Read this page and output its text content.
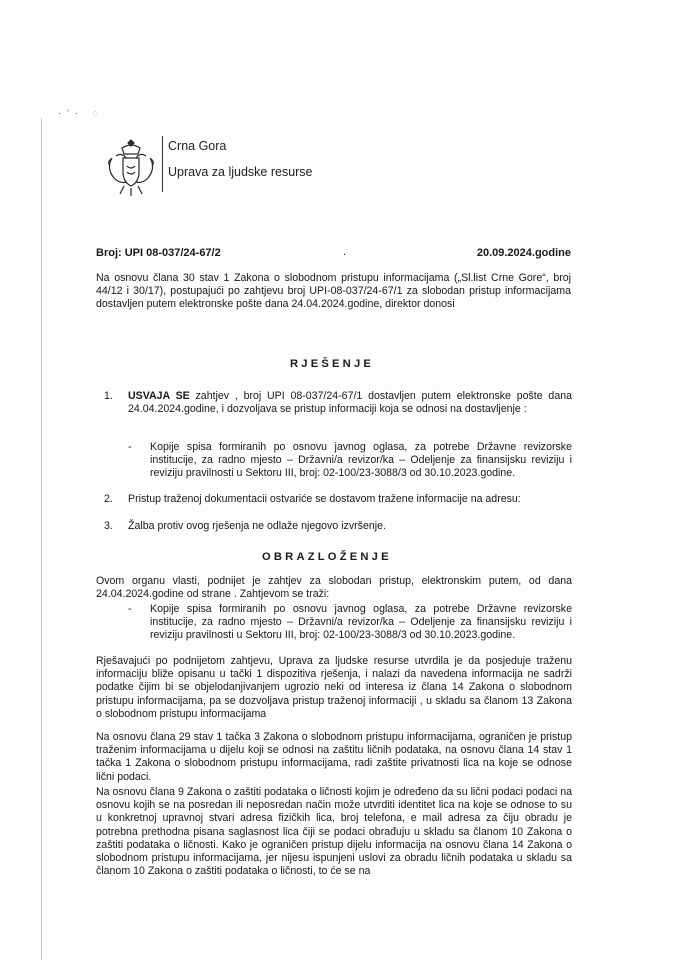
·’· ◌
Crna Gora
Uprava za ljudske resurse
Broj: UPI 08-037/24-67/2	.	20.09.2024.godine
Na osnovu člana 30 stav 1 Zakona o slobodnom pristupu informacijama („Sl.list Crne Gore“, broj 44/12 i 30/17), postupajući po zahtjevu broj UPI-08-037/24-67/1 za slobodan pristup informacijama dostavljen putem elektronske pošte dana 24.04.2024.godine, direktor donosi
RJEŠENJE
1. USVAJA SE zahtjev , broj UPI 08-037/24-67/1 dostavljen putem elektronske pošte dana 24.04.2024.godine, i dozvoljava se pristup informaciji koja se odnosi na dostavljenje :
- Kopije spisa formiranih po osnovu javnog oglasa, za potrebe Državne revizorske institucije, za radno mjesto – Državni/a revizor/ka – Odeljenje za finansijsku reviziju i reviziju pravilnosti u Sektoru III, broj: 02-100/23-3088/3 od 30.10.2023.godine.
2. Pristup traženoj dokumentacii ostvariće se dostavom tražene informacije na adresu:
3. Žalba protiv ovog rješenja ne odlaže njegovo izvršenje.
OBRAZLOŽENJE
Ovom organu vlasti, podnijet je zahtjev za slobodan pristup, elektronskim putem, od dana 24.04.2024.godine od strane . Zahtjevom se traži:
- Kopije spisa formiranih po osnovu javnog oglasa, za potrebe Državne revizorske institucije, za radno mjesto – Državni/a revizor/ka – Odeljenje za finansijsku reviziju i reviziju pravilnosti u Sektoru III, broj: 02-100/23-3088/3 od 30.10.2023.godine.
Rješavajući po podnijetom zahtjevu, Uprava za ljudske resurse utvrdila je da posjeduje traženu informaciju bliže opisanu u tački 1 dispozitiva rješenja, i nalazi da navedena informacija ne sadrži podatke čijim bi se objelodanjivanjem ugrozio neki od interesa iz člana 14 Zakona o slobodnom pristupu informacijama, pa se dozvoljava pristup traženoj informaciji , u skladu sa članom 13 Zakona o slobodnom pristupu informacijama
Na osnovu člana 29 stav 1 tačka 3 Zakona o slobodnom pristupu informacijama, ograničen je pristup traženim informacijama u dijelu koji se odnosi na zaštitu ličnih podataka, na osnovu člana 14 stav 1 tačka 1 Zakona o slobodnom pristupu informacijama, radi zaštite privatnosti lica na koje se odnose lični podaci.
Na osnovu člana 9 Zakona o zaštiti podataka o ličnosti kojim je određeno da su lični podaci podaci na osnovu kojih se na posredan ili neposredan način može utvrditi identitet lica na koje se odnose to su u konkretnoj upravnoj stvari adresa fizičkih lica, broj telefona, e mail adresa za čiju obradu je potrebna prethodna pisana saglasnost lica čiji se podaci obrađuju u skladu sa članom 10 Zakona o zaštiti podataka o ličnosti. Kako je ograničen pristup dijelu informacija na osnovu člana 14 Zakona o slobodnom pristupu informacijama, jer nijesu ispunjeni uslovi za obradu ličnih podataka u skladu sa članom 10 Zakona o zaštiti podataka o ličnosti, to će se na
